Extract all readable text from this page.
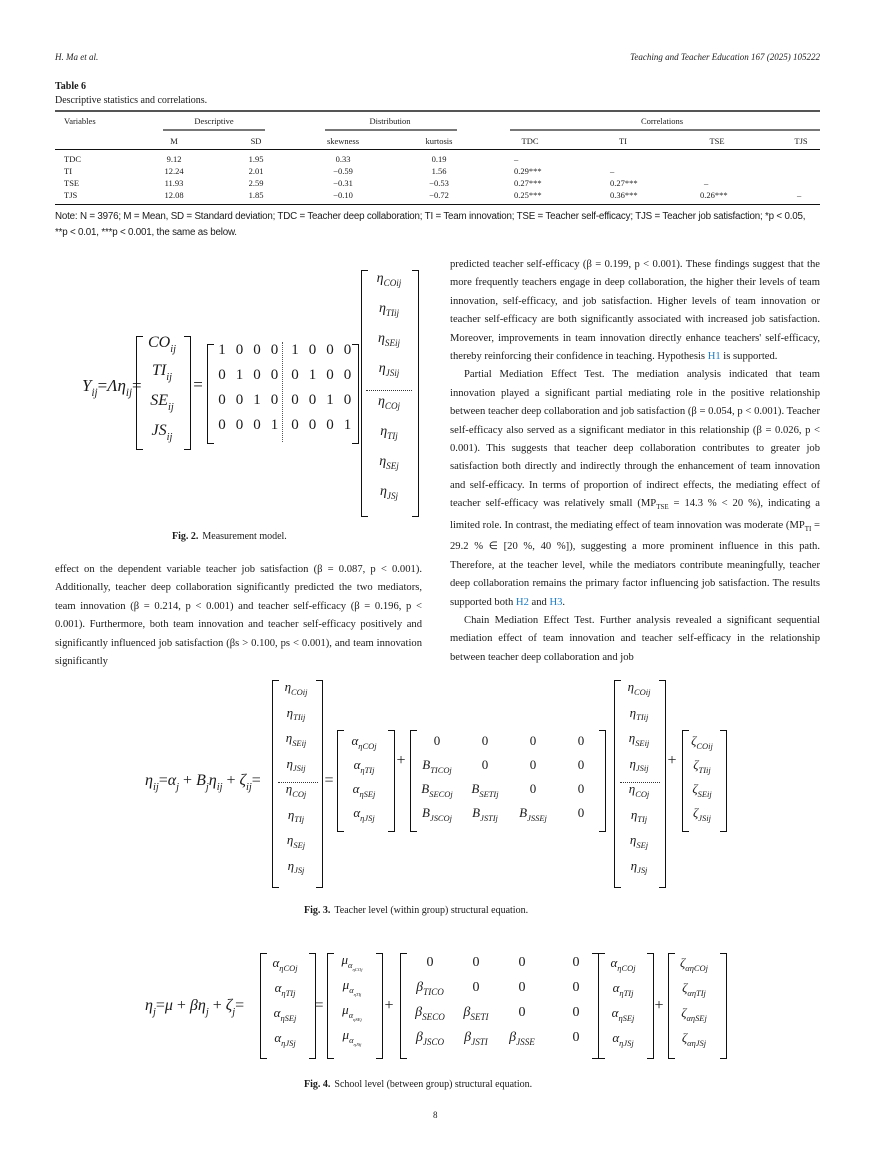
H. Ma et al.	Teaching and Teacher Education 167 (2025) 105222
Table 6
Descriptive statistics and correlations.
Variables	Descriptive	Distribution	Correlations
M	SD	skewness	kurtosis	TDC	TI	TSE	TJS
TDC	9.12	1.95	0.33	0.19	–
TI	12.24	2.01	−0.59	1.56	0.29***	–
TSE	11.93	2.59	−0.31	−0.53	0.27***	0.27***	–
TJS	12.08	1.85	−0.10	−0.72	0.25***	0.36***	0.26***	–
Note: N = 3976; M = Mean, SD = Standard deviation; TDC = Teacher deep collaboration; TI = Team innovation; TSE = Teacher self-efficacy; TJS = Teacher job satisfaction; *p < 0.05, **p < 0.01, ***p < 0.001, the same as below.
$Y_{ij}=\Lambda\eta_{ij}=$
$CO_{ij}$
$TI_{ij}$
$SE_{ij}$
$JS_{ij}$
=
1 0 0 0 1 0 0 0
0 1 0 0 0 1 0 0
0 0 1 0 0 0 1 0
0 0 0 1 0 0 0 1
$\eta_{COij}$
$\eta_{TIij}$
$\eta_{SEij}$
$\eta_{JSij}$
$\eta_{COj}$
$\eta_{TIj}$
$\eta_{SEj}$
$\eta_{JSj}$
Fig. 2. Measurement model.

effect on the dependent variable teacher job satisfaction (β = 0.087, p < 0.001). Additionally, teacher deep collaboration significantly predicted the two mediators, team innovation (β = 0.214, p < 0.001) and teacher self-efficacy (β = 0.196, p < 0.001). Furthermore, both team innovation and teacher self-efficacy positively and significantly influenced job satisfaction (βs > 0.100, ps < 0.001), and team innovation significantly

predicted teacher self-efficacy (β = 0.199, p < 0.001). These findings suggest that the more frequently teachers engage in deep collaboration, the higher their levels of team innovation, self-efficacy, and job satisfaction. Higher levels of team innovation or teacher self-efficacy are both significantly associated with increased job satisfaction. Moreover, improvements in team innovation directly enhance teachers' self-efficacy, thereby reinforcing their confidence in teaching. Hypothesis H1 is supported.

Partial Mediation Effect Test. The mediation analysis indicated that team innovation played a significant partial mediating role in the positive relationship between teacher deep collaboration and job satisfaction (β = 0.054, p < 0.001). Teacher self-efficacy also served as a significant mediator in this relationship (β = 0.026, p < 0.001). This suggests that teacher deep collaboration contributes to greater job satisfaction both directly and indirectly through the enhancement of team innovation and self-efficacy. In terms of proportion of indirect effects, the mediating effect of teacher self-efficacy was relatively small ($MP_{TSE} = 14.3$ % < 20 %), indicating a limited role. In contrast, the mediating effect of team innovation was moderate ($MP_{TI} = 29.2$ % ∈ [20 %, 40 %]), suggesting a more prominent influence in this path. Therefore, at the teacher level, while the mediators contribute meaningfully, teacher deep collaboration remains the primary factor influencing job satisfaction. The results supported both H2 and H3.

Chain Mediation Effect Test. Further analysis revealed a significant sequential mediation effect of team innovation and teacher self-efficacy in the relationship between teacher deep collaboration and job

$\eta_{ij}=\alpha_j + B_j\eta_{ij} + \zeta_{ij}=$
$\eta_{COij}$
$\eta_{TIij}$
$\eta_{SEij}$
$\eta_{JSij}$
$\eta_{COj}$
$\eta_{TIj}$
$\eta_{SEj}$
$\eta_{JSj}$
=
$\alpha_{\eta COj}$
$\alpha_{\eta TIj}$
$\alpha_{\eta SEj}$
$\alpha_{\eta JSj}$
+
0	0	0	0
$B_{TICOj}$ 0	0	0
$B_{SECOj}$ $B_{SETIj}$ 0	0
$B_{JSCOj}$ $B_{JSTIj}$ $B_{JSSEj}$ 0
$\eta_{COij}$
$\eta_{TIij}$
$\eta_{SEij}$
$\eta_{JSij}$
$\eta_{COj}$
$\eta_{TIj}$
$\eta_{SEj}$
$\eta_{JSj}$
+
$\zeta_{COij}$
$\zeta_{TIij}$
$\zeta_{SEij}$
$\zeta_{JSij}$
Fig. 3. Teacher level (within group) structural equation.
$\eta_j=\mu + \beta\eta_j + \zeta_j=$
$\alpha_{\eta COj}$
$\alpha_{\eta TIj}$
$\alpha_{\eta SEj}$
$\alpha_{\eta JSj}$
=
$\mu_{\alpha_{\eta COj}}$
$\mu_{\alpha_{\eta TIj}}$
$\mu_{\alpha_{\eta SEj}}$
$\mu_{\alpha_{\eta JSj}}$
+
0	0	0	0
$\beta_{TICO}$ 0	0	0
$\beta_{SECO}$ $\beta_{SETI}$ 0	0
$\beta_{JSCO}$ $\beta_{JSTI}$ $\beta_{JSSE}$	0
$\alpha_{\eta COj}$
$\alpha_{\eta TIj}$
$\alpha_{\eta SEj}$
$\alpha_{\eta JSj}$
+
$\zeta_{\alpha\eta COj}$
$\zeta_{\alpha\eta TIj}$
$\zeta_{\alpha\eta SEj}$
$\zeta_{\alpha\eta JSj}$
Fig. 4. School level (between group) structural equation.
8
